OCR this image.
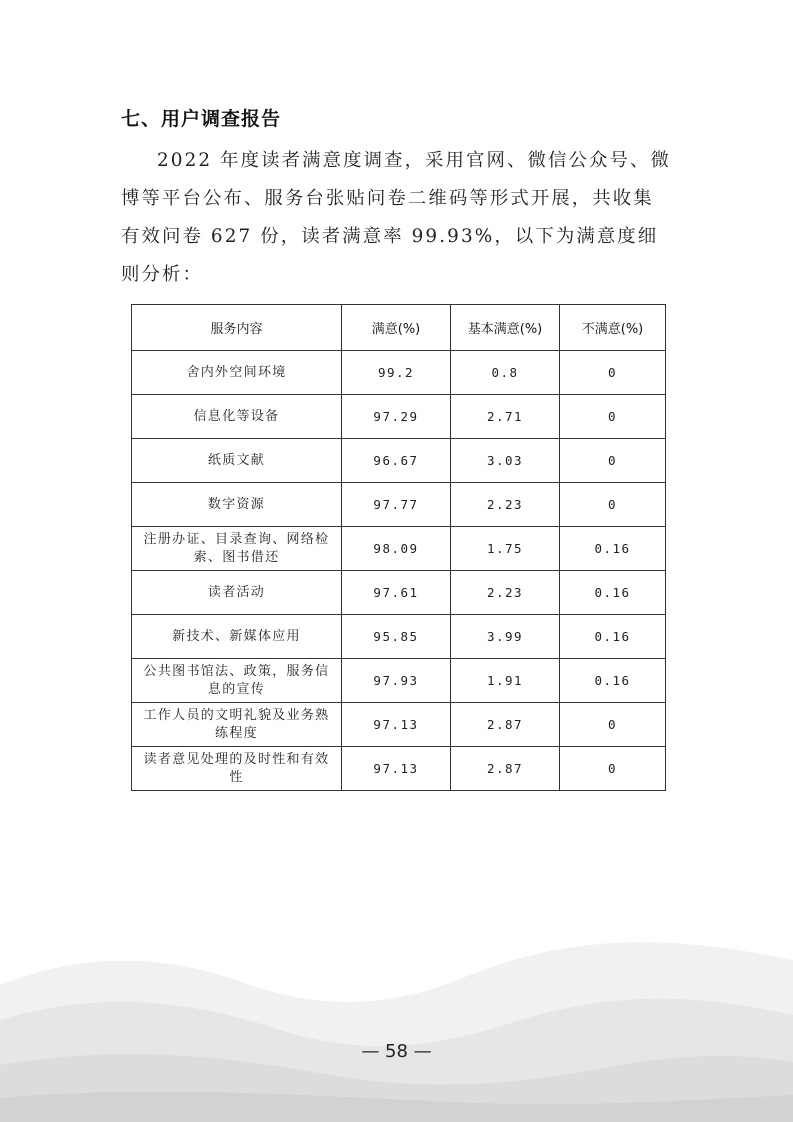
七、用户调查报告

2022 年度读者满意度调查，采用官网、微信公众号、微博等平台公布、服务台张贴问卷二维码等形式开展，共收集有效问卷 627 份，读者满意率 99.93%，以下为满意度细则分析：

服务内容	满意(%)	基本满意(%)	不满意(%)
舍内外空间环境	99.2	0.8	0
信息化等设备	97.29	2.71	0
纸质文献	96.67	3.03	0
数字资源	97.77	2.23	0
注册办证、目录查询、网络检索、图书借还	98.09	1.75	0.16
读者活动	97.61	2.23	0.16
新技术、新媒体应用	95.85	3.99	0.16
公共图书馆法、政策，服务信息的宣传	97.93	1.91	0.16
工作人员的文明礼貌及业务熟练程度	97.13	2.87	0
读者意见处理的及时性和有效性	97.13	2.87	0
— 58 —
